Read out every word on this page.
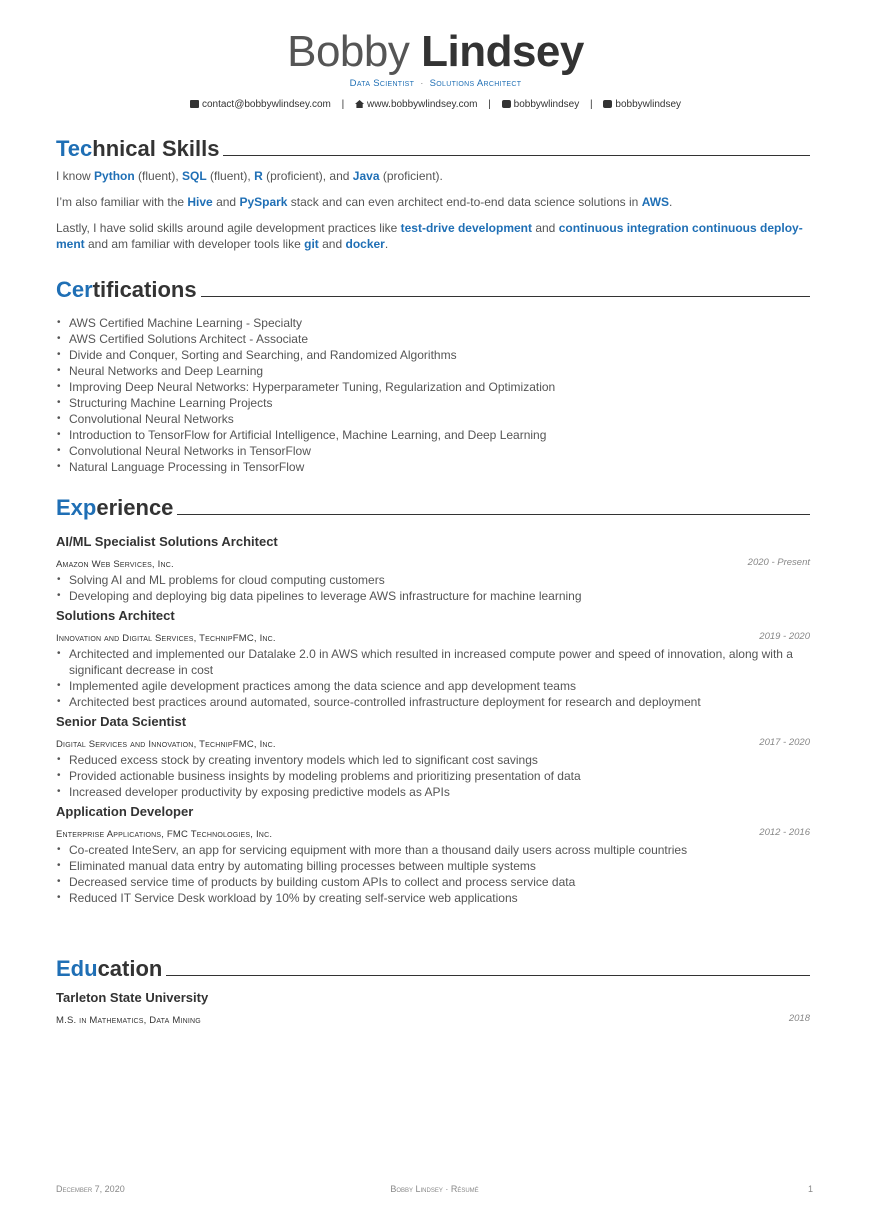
Bobby Lindsey
Data Scientist · Solutions Architect
contact@bobbywlindsey.com | www.bobbywlindsey.com | bobbywlindsey | bobbywlindsey
Technical Skills

I know Python (fluent), SQL (fluent), R (proficient), and Java (proficient).

I’m also familiar with the Hive and PySpark stack and can even architect end-to-end data science solutions in AWS.

Lastly, I have solid skills around agile development practices like test-drive development and continuous integration continuous deploy-
ment and am familiar with developer tools like git and docker.

Certifications
• AWS Certified Machine Learning - Specialty
• AWS Certified Solutions Architect - Associate
• Divide and Conquer, Sorting and Searching, and Randomized Algorithms
• Neural Networks and Deep Learning
• Improving Deep Neural Networks: Hyperparameter Tuning, Regularization and Optimization
• Structuring Machine Learning Projects
• Convolutional Neural Networks
• Introduction to TensorFlow for Artificial Intelligence, Machine Learning, and Deep Learning
• Convolutional Neural Networks in TensorFlow
• Natural Language Processing in TensorFlow
Experience
AI/ML Specialist Solutions Architect
Amazon Web Services, Inc.	2020 - Present
• Solving AI and ML problems for cloud computing customers
• Developing and deploying big data pipelines to leverage AWS infrastructure for machine learning
Solutions Architect
Innovation and Digital Services, TechnipFMC, Inc.	2019 - 2020
• Architected and implemented our Datalake 2.0 in AWS which resulted in increased compute power and speed of innovation, along with a significant decrease in cost
• Implemented agile development practices among the data science and app development teams
• Architected best practices around automated, source-controlled infrastructure deployment for research and deployment
Senior Data Scientist
Digital Services and Innovation, TechnipFMC, Inc.	2017 - 2020
• Reduced excess stock by creating inventory models which led to significant cost savings
• Provided actionable business insights by modeling problems and prioritizing presentation of data
• Increased developer productivity by exposing predictive models as APIs
Application Developer
Enterprise Applications, FMC Technologies, Inc.	2012 - 2016
• Co-created InteServ, an app for servicing equipment with more than a thousand daily users across multiple countries
• Eliminated manual data entry by automating billing processes between multiple systems
• Decreased service time of products by building custom APIs to collect and process service data
• Reduced IT Service Desk workload by 10% by creating self-service web applications
Education
Tarleton State University
M.S. in Mathematics, Data Mining	2018
December 7, 2020	Bobby Lindsey · Résumé	1
